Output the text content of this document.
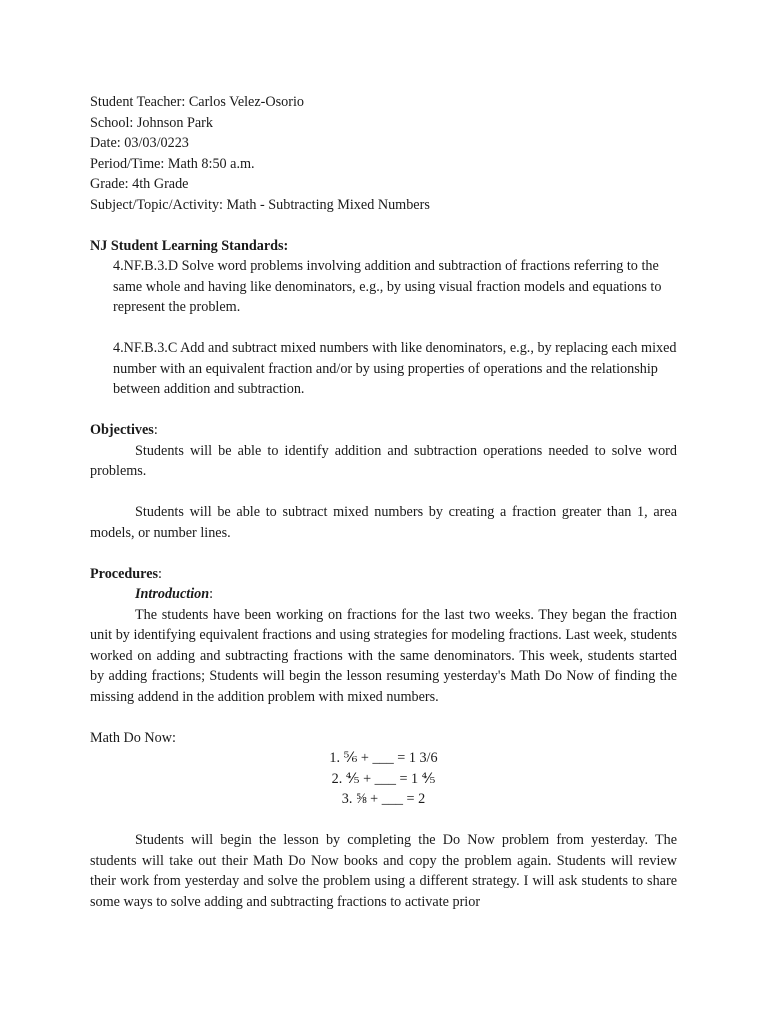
Student Teacher: Carlos Velez-Osorio
School: Johnson Park
Date: 03/03/0223
Period/Time: Math 8:50 a.m.
Grade: 4th Grade
Subject/Topic/Activity: Math - Subtracting Mixed Numbers
NJ Student Learning Standards:
4.NF.B.3.D Solve word problems involving addition and subtraction of fractions referring to the same whole and having like denominators, e.g., by using visual fraction models and equations to represent the problem.
4.NF.B.3.C Add and subtract mixed numbers with like denominators, e.g., by replacing each mixed number with an equivalent fraction and/or by using properties of operations and the relationship between addition and subtraction.
Objectives:
Students will be able to identify addition and subtraction operations needed to solve word problems.
Students will be able to subtract mixed numbers by creating a fraction greater than 1, area models, or number lines.
Procedures:
Introduction:
The students have been working on fractions for the last two weeks. They began the fraction unit by identifying equivalent fractions and using strategies for modeling fractions. Last week, students worked on adding and subtracting fractions with the same denominators. This week, students started by adding fractions; Students will begin the lesson resuming yesterday's Math Do Now of finding the missing addend in the addition problem with mixed numbers.
Math Do Now:
1. ⅚ + ___ = 1 3/6
2. ⅘ + ___ = 1 ⅘
3. ⅝ + ___ = 2
Students will begin the lesson by completing the Do Now problem from yesterday. The students will take out their Math Do Now books and copy the problem again. Students will review their work from yesterday and solve the problem using a different strategy. I will ask students to share some ways to solve adding and subtracting fractions to activate prior
